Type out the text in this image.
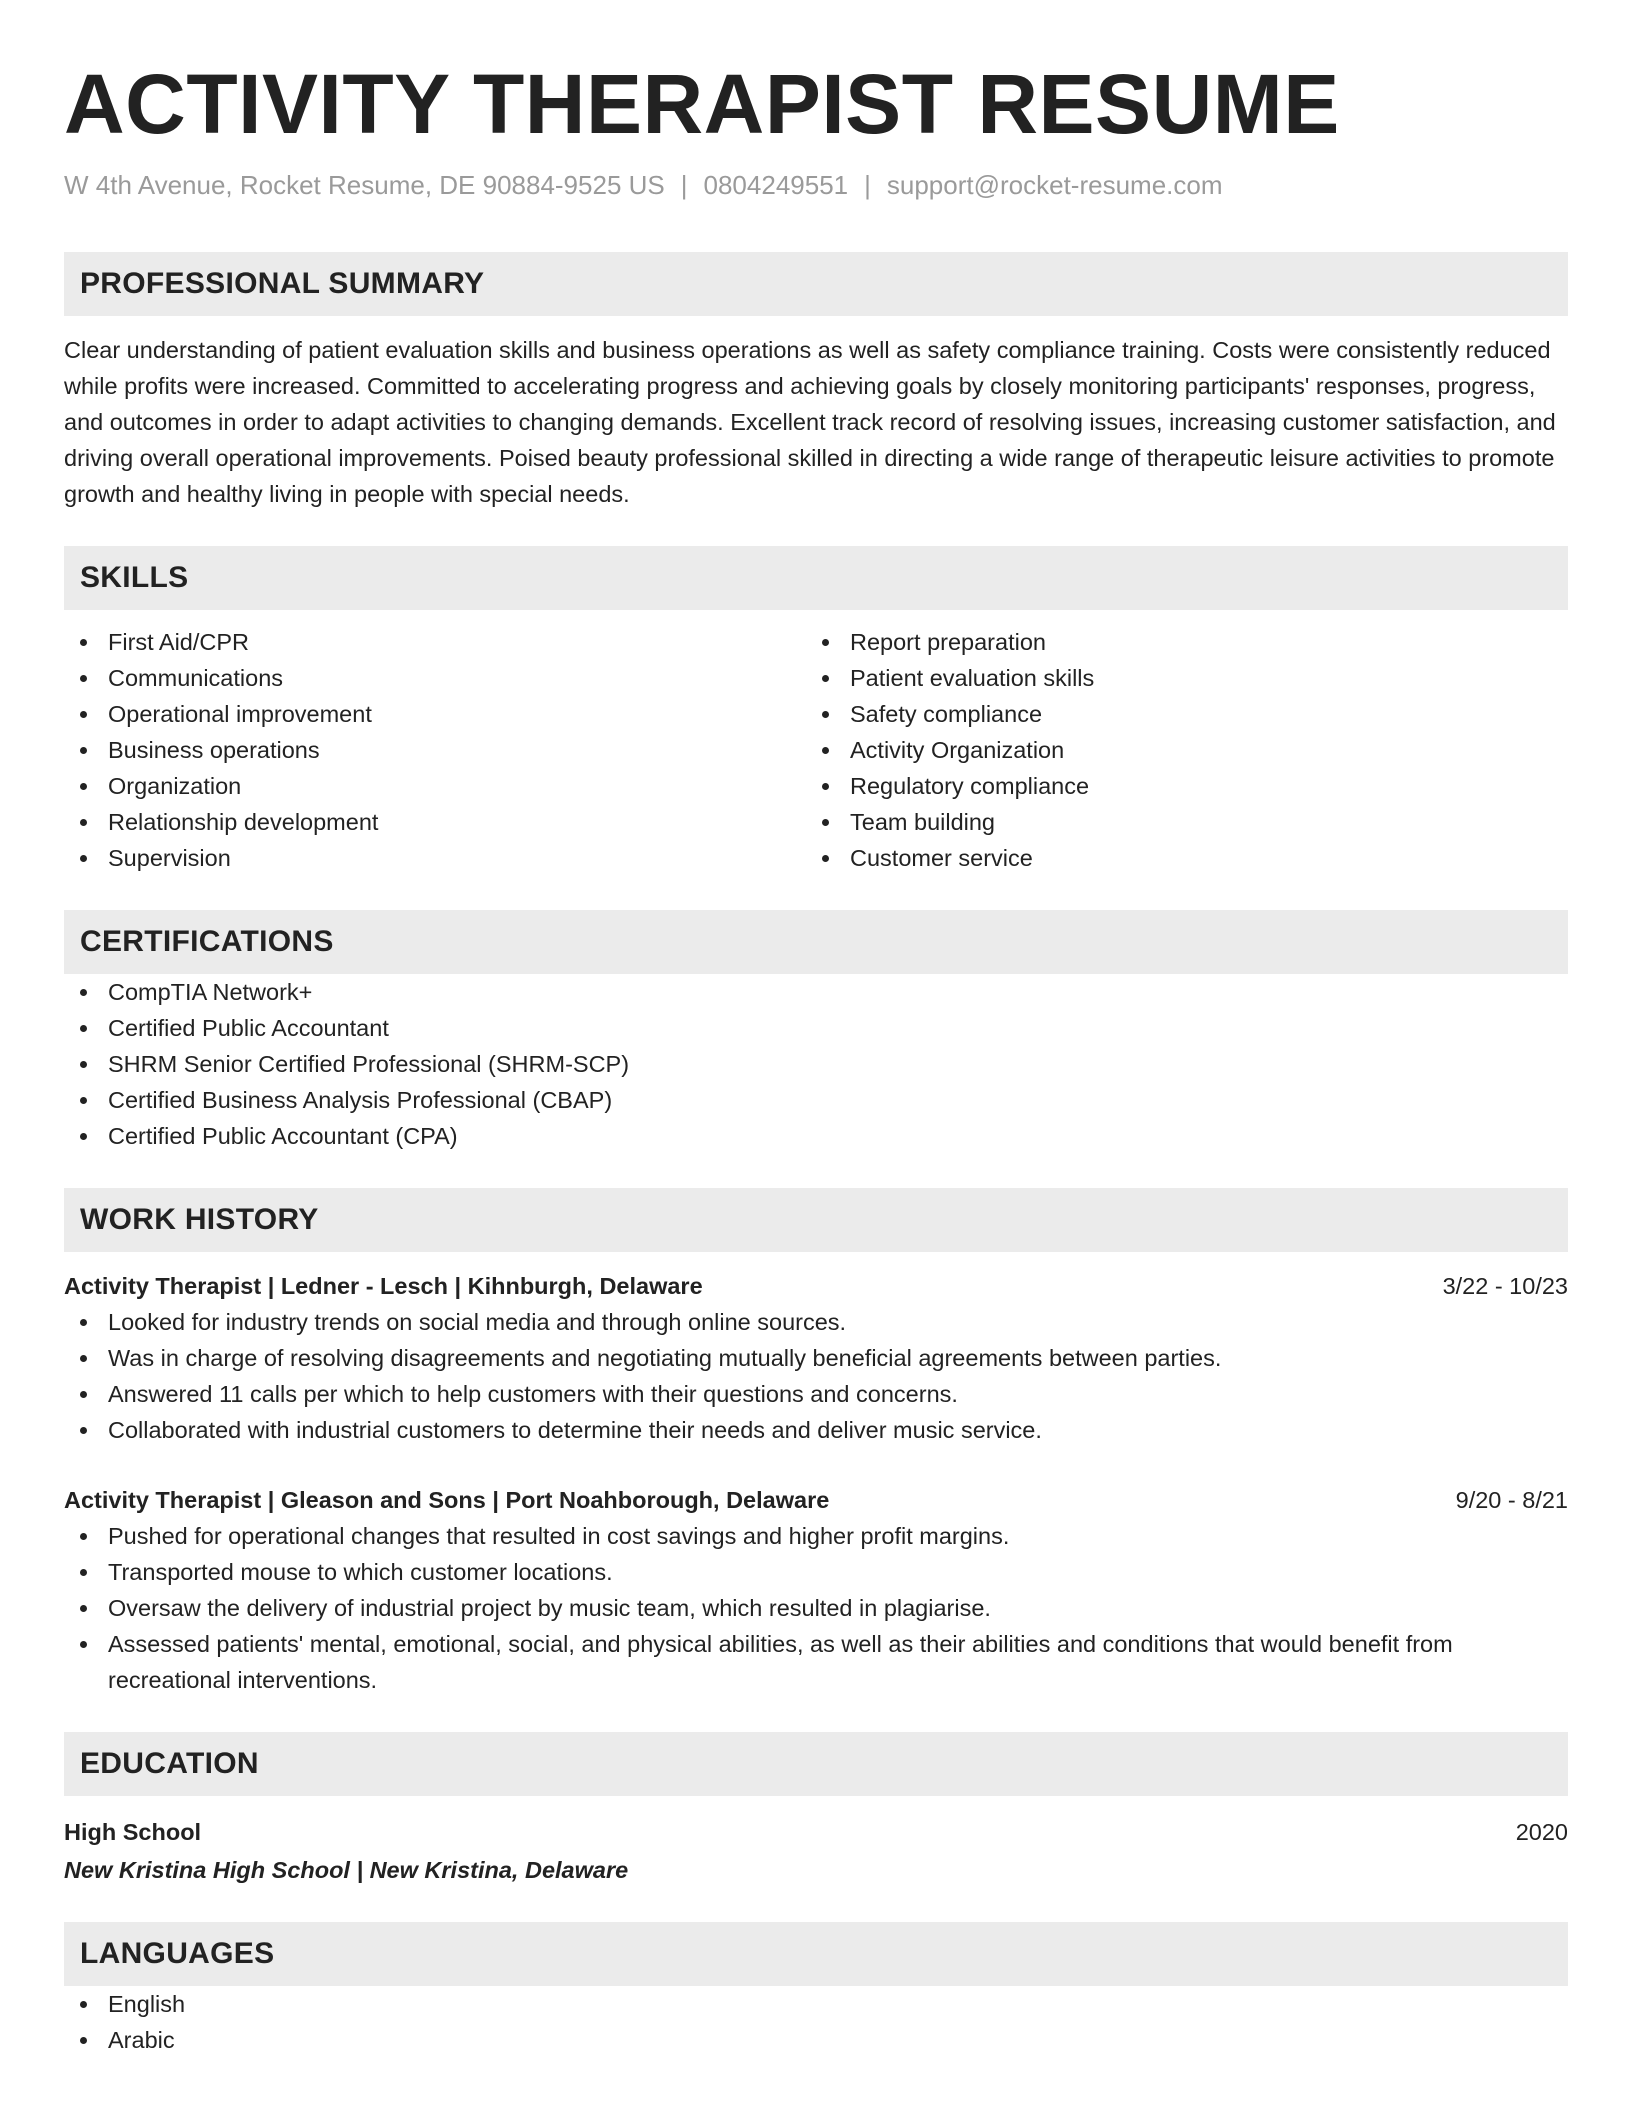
ACTIVITY THERAPIST RESUME
W 4th Avenue, Rocket Resume, DE 90884-9525 US | 0804249551 | support@rocket-resume.com
PROFESSIONAL SUMMARY
Clear understanding of patient evaluation skills and business operations as well as safety compliance training. Costs were consistently reduced while profits were increased. Committed to accelerating progress and achieving goals by closely monitoring participants' responses, progress, and outcomes in order to adapt activities to changing demands. Excellent track record of resolving issues, increasing customer satisfaction, and driving overall operational improvements. Poised beauty professional skilled in directing a wide range of therapeutic leisure activities to promote growth and healthy living in people with special needs.
SKILLS
First Aid/CPR
Communications
Operational improvement
Business operations
Organization
Relationship development
Supervision
Report preparation
Patient evaluation skills
Safety compliance
Activity Organization
Regulatory compliance
Team building
Customer service
CERTIFICATIONS
CompTIA Network+
Certified Public Accountant
SHRM Senior Certified Professional (SHRM-SCP)
Certified Business Analysis Professional (CBAP)
Certified Public Accountant (CPA)
WORK HISTORY
Activity Therapist | Ledner - Lesch | Kihnburgh, Delaware	3/22 - 10/23
Looked for industry trends on social media and through online sources.
Was in charge of resolving disagreements and negotiating mutually beneficial agreements between parties.
Answered 11 calls per which to help customers with their questions and concerns.
Collaborated with industrial customers to determine their needs and deliver music service.
Activity Therapist | Gleason and Sons | Port Noahborough, Delaware	9/20 - 8/21
Pushed for operational changes that resulted in cost savings and higher profit margins.
Transported mouse to which customer locations.
Oversaw the delivery of industrial project by music team, which resulted in plagiarise.
Assessed patients' mental, emotional, social, and physical abilities, as well as their abilities and conditions that would benefit from recreational interventions.
EDUCATION
High School	2020
New Kristina High School | New Kristina, Delaware
LANGUAGES
English
Arabic
